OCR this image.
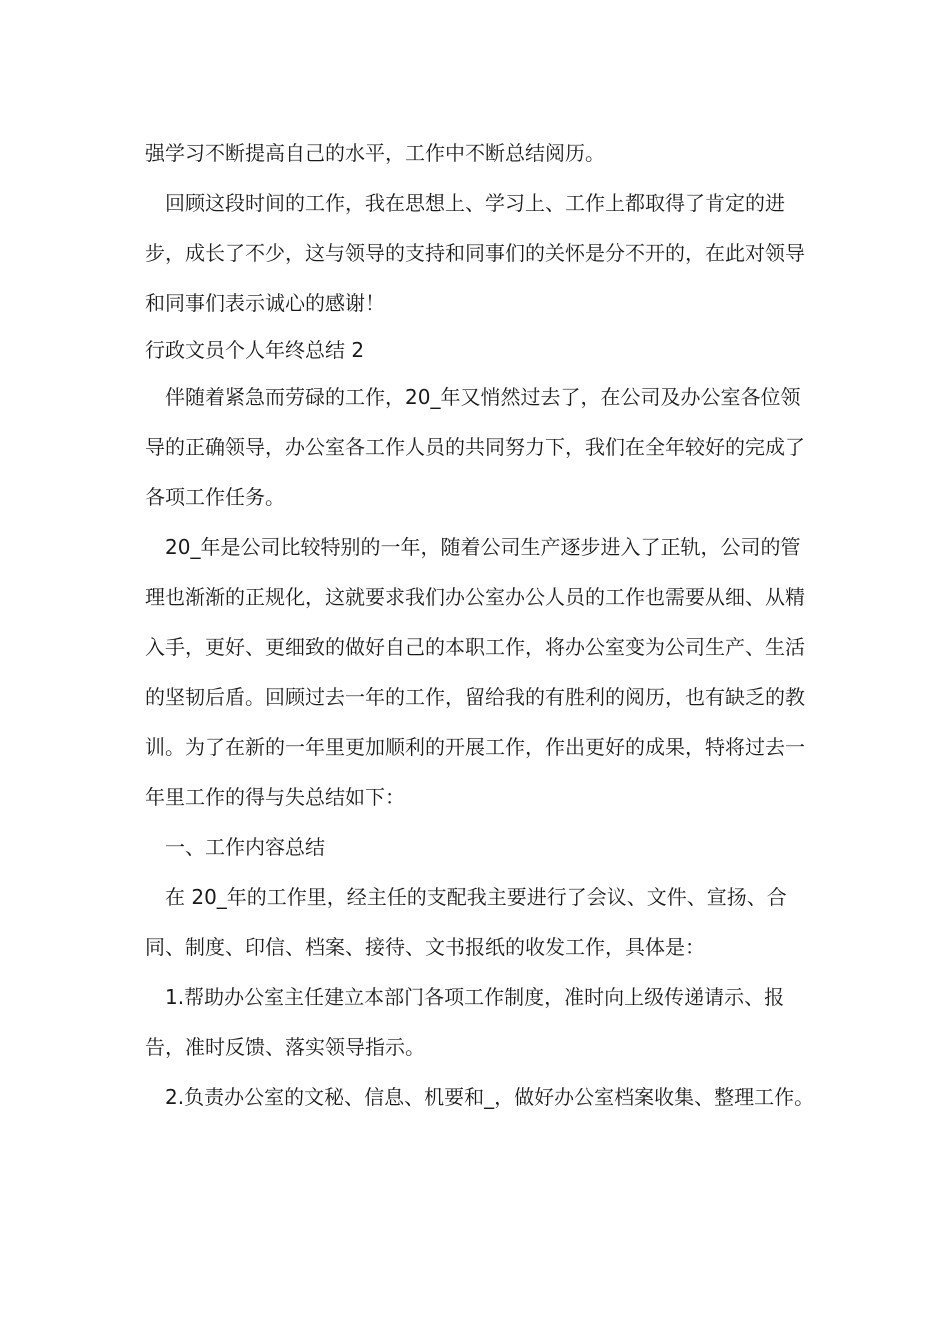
强学习不断提高自己的水平，工作中不断总结阅历。

回顾这段时间的工作，我在思想上、学习上、工作上都取得了肯定的进步，成长了不少，这与领导的支持和同事们的关怀是分不开的，在此对领导和同事们表示诚心的感谢！

行政文员个人年终总结 2

伴随着紧急而劳碌的工作，20_年又悄然过去了，在公司及办公室各位领  导的正确领导，办公室各工作人员的共同努力下，我们在全年较好的完成了各项工作任务。

20_年是公司比较特别的一年，随着公司生产逐步进入了正轨，公司的管  理也渐渐的正规化，这就要求我们办公室办公人员的工作也需要从细、从精入手，更好、更细致的做好自己的本职工作，将办公室变为公司生产、生活的坚韧后盾。回顾过去一年的工作，留给我的有胜利的阅历，也有缺乏的教训。为了在新的一年里更加顺利的开展工作，作出更好的成果，特将过去一年里工作的得与失总结如下：

一、工作内容总结

在 20_年的工作里，经主任的支配我主要进行了会议、文件、宣扬、合同、制度、印信、档案、接待、文书报纸的收发工作，具体是：

1.帮助办公室主任建立本部门各项工作制度，准时向上级传递请示、报告，准时反馈、落实领导指示。

2.负责办公室的文秘、信息、机要和_，做好办公室档案收集、整理工作。
